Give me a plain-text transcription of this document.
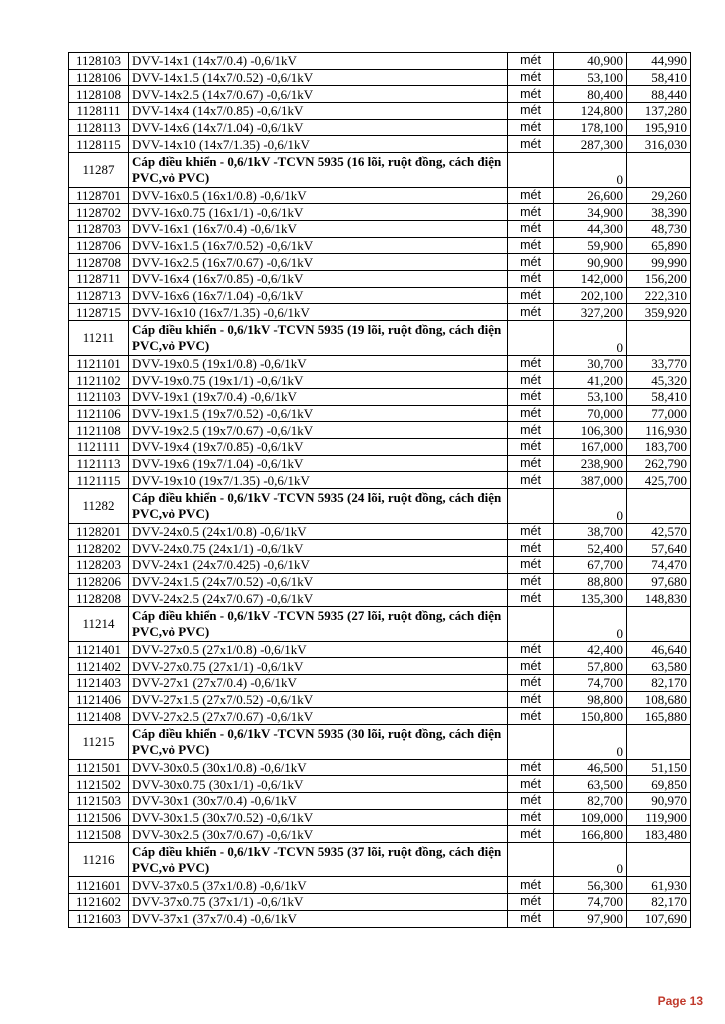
1128103	DVV-14x1 (14x7/0.4) -0,6/1kV	mét	40,900	44,990
1128106	DVV-14x1.5 (14x7/0.52) -0,6/1kV	mét	53,100	58,410
1128108	DVV-14x2.5 (14x7/0.67) -0,6/1kV	mét	80,400	88,440
1128111	DVV-14x4 (14x7/0.85) -0,6/1kV	mét	124,800	137,280
1128113	DVV-14x6 (14x7/1.04) -0,6/1kV	mét	178,100	195,910
1128115	DVV-14x10 (14x7/1.35) -0,6/1kV	mét	287,300	316,030
11287	Cáp điều khiển - 0,6/1kV -TCVN 5935 (16 lõi, ruột đồng, cách điện PVC,vỏ PVC)		0	
1128701	DVV-16x0.5 (16x1/0.8) -0,6/1kV	mét	26,600	29,260
1128702	DVV-16x0.75 (16x1/1) -0,6/1kV	mét	34,900	38,390
1128703	DVV-16x1 (16x7/0.4) -0,6/1kV	mét	44,300	48,730
1128706	DVV-16x1.5 (16x7/0.52) -0,6/1kV	mét	59,900	65,890
1128708	DVV-16x2.5 (16x7/0.67) -0,6/1kV	mét	90,900	99,990
1128711	DVV-16x4 (16x7/0.85) -0,6/1kV	mét	142,000	156,200
1128713	DVV-16x6 (16x7/1.04) -0,6/1kV	mét	202,100	222,310
1128715	DVV-16x10 (16x7/1.35) -0,6/1kV	mét	327,200	359,920
11211	Cáp điều khiển - 0,6/1kV -TCVN 5935 (19 lõi, ruột đồng, cách điện PVC,vỏ PVC)		0	
1121101	DVV-19x0.5 (19x1/0.8) -0,6/1kV	mét	30,700	33,770
1121102	DVV-19x0.75 (19x1/1) -0,6/1kV	mét	41,200	45,320
1121103	DVV-19x1 (19x7/0.4) -0,6/1kV	mét	53,100	58,410
1121106	DVV-19x1.5 (19x7/0.52) -0,6/1kV	mét	70,000	77,000
1121108	DVV-19x2.5 (19x7/0.67) -0,6/1kV	mét	106,300	116,930
1121111	DVV-19x4 (19x7/0.85) -0,6/1kV	mét	167,000	183,700
1121113	DVV-19x6 (19x7/1.04) -0,6/1kV	mét	238,900	262,790
1121115	DVV-19x10 (19x7/1.35) -0,6/1kV	mét	387,000	425,700
11282	Cáp điều khiển - 0,6/1kV -TCVN 5935 (24 lõi, ruột đồng, cách điện PVC,vỏ PVC)		0	
1128201	DVV-24x0.5 (24x1/0.8) -0,6/1kV	mét	38,700	42,570
1128202	DVV-24x0.75 (24x1/1) -0,6/1kV	mét	52,400	57,640
1128203	DVV-24x1 (24x7/0.425) -0,6/1kV	mét	67,700	74,470
1128206	DVV-24x1.5 (24x7/0.52) -0,6/1kV	mét	88,800	97,680
1128208	DVV-24x2.5 (24x7/0.67) -0,6/1kV	mét	135,300	148,830
11214	Cáp điều khiển - 0,6/1kV -TCVN 5935 (27 lõi, ruột đồng, cách điện PVC,vỏ PVC)		0	
1121401	DVV-27x0.5 (27x1/0.8) -0,6/1kV	mét	42,400	46,640
1121402	DVV-27x0.75 (27x1/1) -0,6/1kV	mét	57,800	63,580
1121403	DVV-27x1 (27x7/0.4) -0,6/1kV	mét	74,700	82,170
1121406	DVV-27x1.5 (27x7/0.52) -0,6/1kV	mét	98,800	108,680
1121408	DVV-27x2.5 (27x7/0.67) -0,6/1kV	mét	150,800	165,880
11215	Cáp điều khiển - 0,6/1kV -TCVN 5935 (30 lõi, ruột đồng, cách điện PVC,vỏ PVC)		0	
1121501	DVV-30x0.5 (30x1/0.8) -0,6/1kV	mét	46,500	51,150
1121502	DVV-30x0.75 (30x1/1) -0,6/1kV	mét	63,500	69,850
1121503	DVV-30x1 (30x7/0.4) -0,6/1kV	mét	82,700	90,970
1121506	DVV-30x1.5 (30x7/0.52) -0,6/1kV	mét	109,000	119,900
1121508	DVV-30x2.5 (30x7/0.67) -0,6/1kV	mét	166,800	183,480
11216	Cáp điều khiển - 0,6/1kV -TCVN 5935 (37 lõi, ruột đồng, cách điện PVC,vỏ PVC)		0	
1121601	DVV-37x0.5 (37x1/0.8) -0,6/1kV	mét	56,300	61,930
1121602	DVV-37x0.75 (37x1/1) -0,6/1kV	mét	74,700	82,170
1121603	DVV-37x1 (37x7/0.4) -0,6/1kV	mét	97,900	107,690
Page 13
